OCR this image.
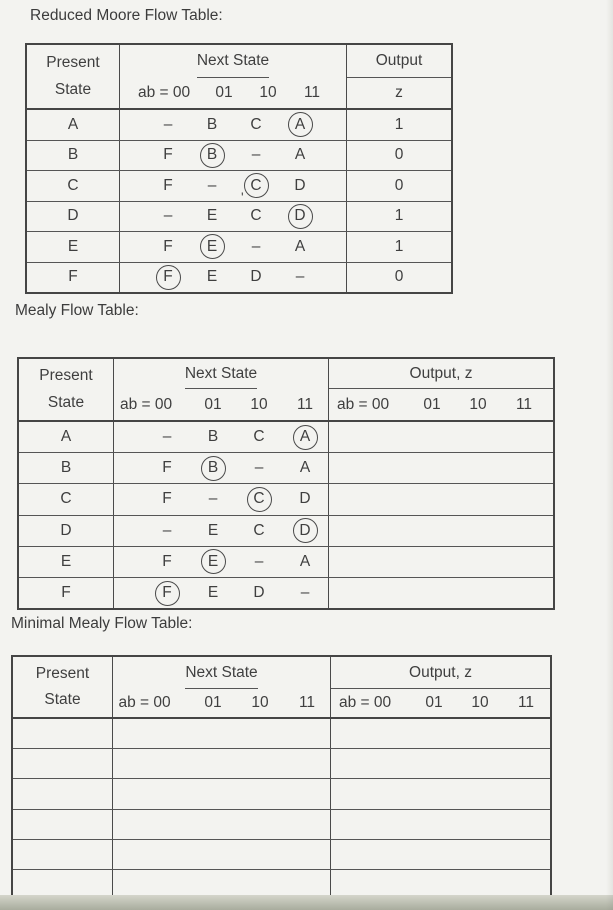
Reduced Moore Flow Table:
Present
State
Next State
ab = 00 01 10 11
Output
z
A	–	B	C	A	1
B	F	B	–	A	0
C	F	–	C	D	0
D	–	E	C	D	1
E	F	E	–	A	1
F	F	E	D	–	0
'
Mealy Flow Table:
Present
State
Next State
ab = 00 01 10 11
Output, z
ab = 00 01 10 11
A	–	B	C	A
B	F	B	–	A
C	F	–	C	D
D	–	E	C	D
E	F	E	–	A
F	F	E	D	–
Minimal Mealy Flow Table:
Present
State
Next State
ab = 00 01 10 11
Output, z
ab = 00 01 10 11
